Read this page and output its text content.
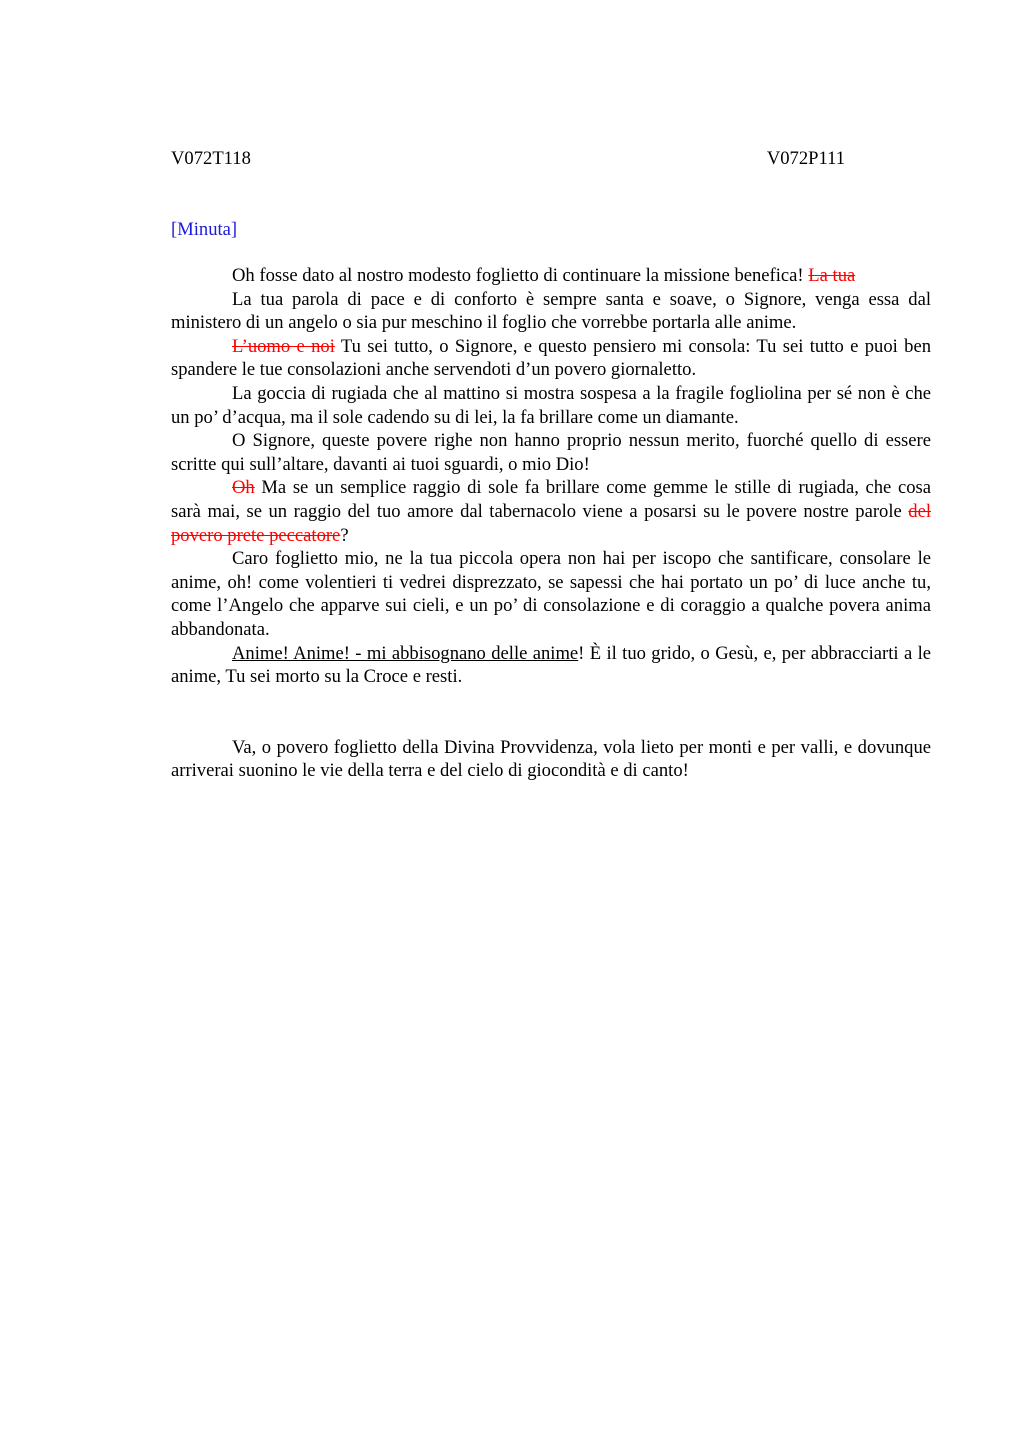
V072T118	V072P111
[Minuta]

Oh fosse dato al nostro modesto foglietto di continuare la missione benefica! La tua

La tua parola di pace e di conforto è sempre santa e soave, o Signore, venga essa dal ministero di un angelo o sia pur meschino il foglio che vorrebbe portarla alle anime.

L’uomo e noi Tu sei tutto, o Signore, e questo pensiero mi consola: Tu sei tutto e puoi ben spandere le tue consolazioni anche servendoti d’un povero giornaletto.

La goccia di rugiada che al mattino si mostra sospesa a la fragile fogliolina per sé non è che un po’ d’acqua, ma il sole cadendo su di lei, la fa brillare come un diamante.

O Signore, queste povere righe non hanno proprio nessun merito, fuorché quello di essere scritte qui sull’altare, davanti ai tuoi sguardi, o mio Dio!

Oh Ma se un semplice raggio di sole fa brillare come gemme le stille di rugiada, che cosa sarà mai, se un raggio del tuo amore dal tabernacolo viene a posarsi su le povere nostre parole del povero prete peccatore?

Caro foglietto mio, ne la tua piccola opera non hai per iscopo che santificare, consolare le anime, oh! come volentieri ti vedrei disprezzato, se sapessi che hai portato un po’ di luce anche tu, come l’Angelo che apparve sui cieli, e un po’ di consolazione e di coraggio a qualche povera anima abbandonata.

Anime! Anime! - mi abbisognano delle anime! È il tuo grido, o Gesù, e, per abbracciarti a le anime, Tu sei morto su la Croce e resti.

Va, o povero foglietto della Divina Provvidenza, vola lieto per monti e per valli, e dovunque arriverai suonino le vie della terra e del cielo di giocondità e di canto!
